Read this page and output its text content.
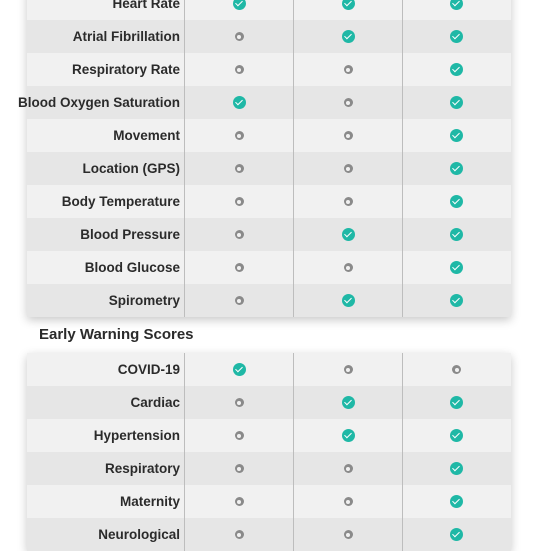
Heart Rate
Atrial Fibrillation
Respiratory Rate
Blood Oxygen Saturation
Movement
Location (GPS)
Body Temperature
Blood Pressure
Blood Glucose
Spirometry
Early Warning Scores
COVID-19
Cardiac
Hypertension
Respiratory
Maternity
Neurological
